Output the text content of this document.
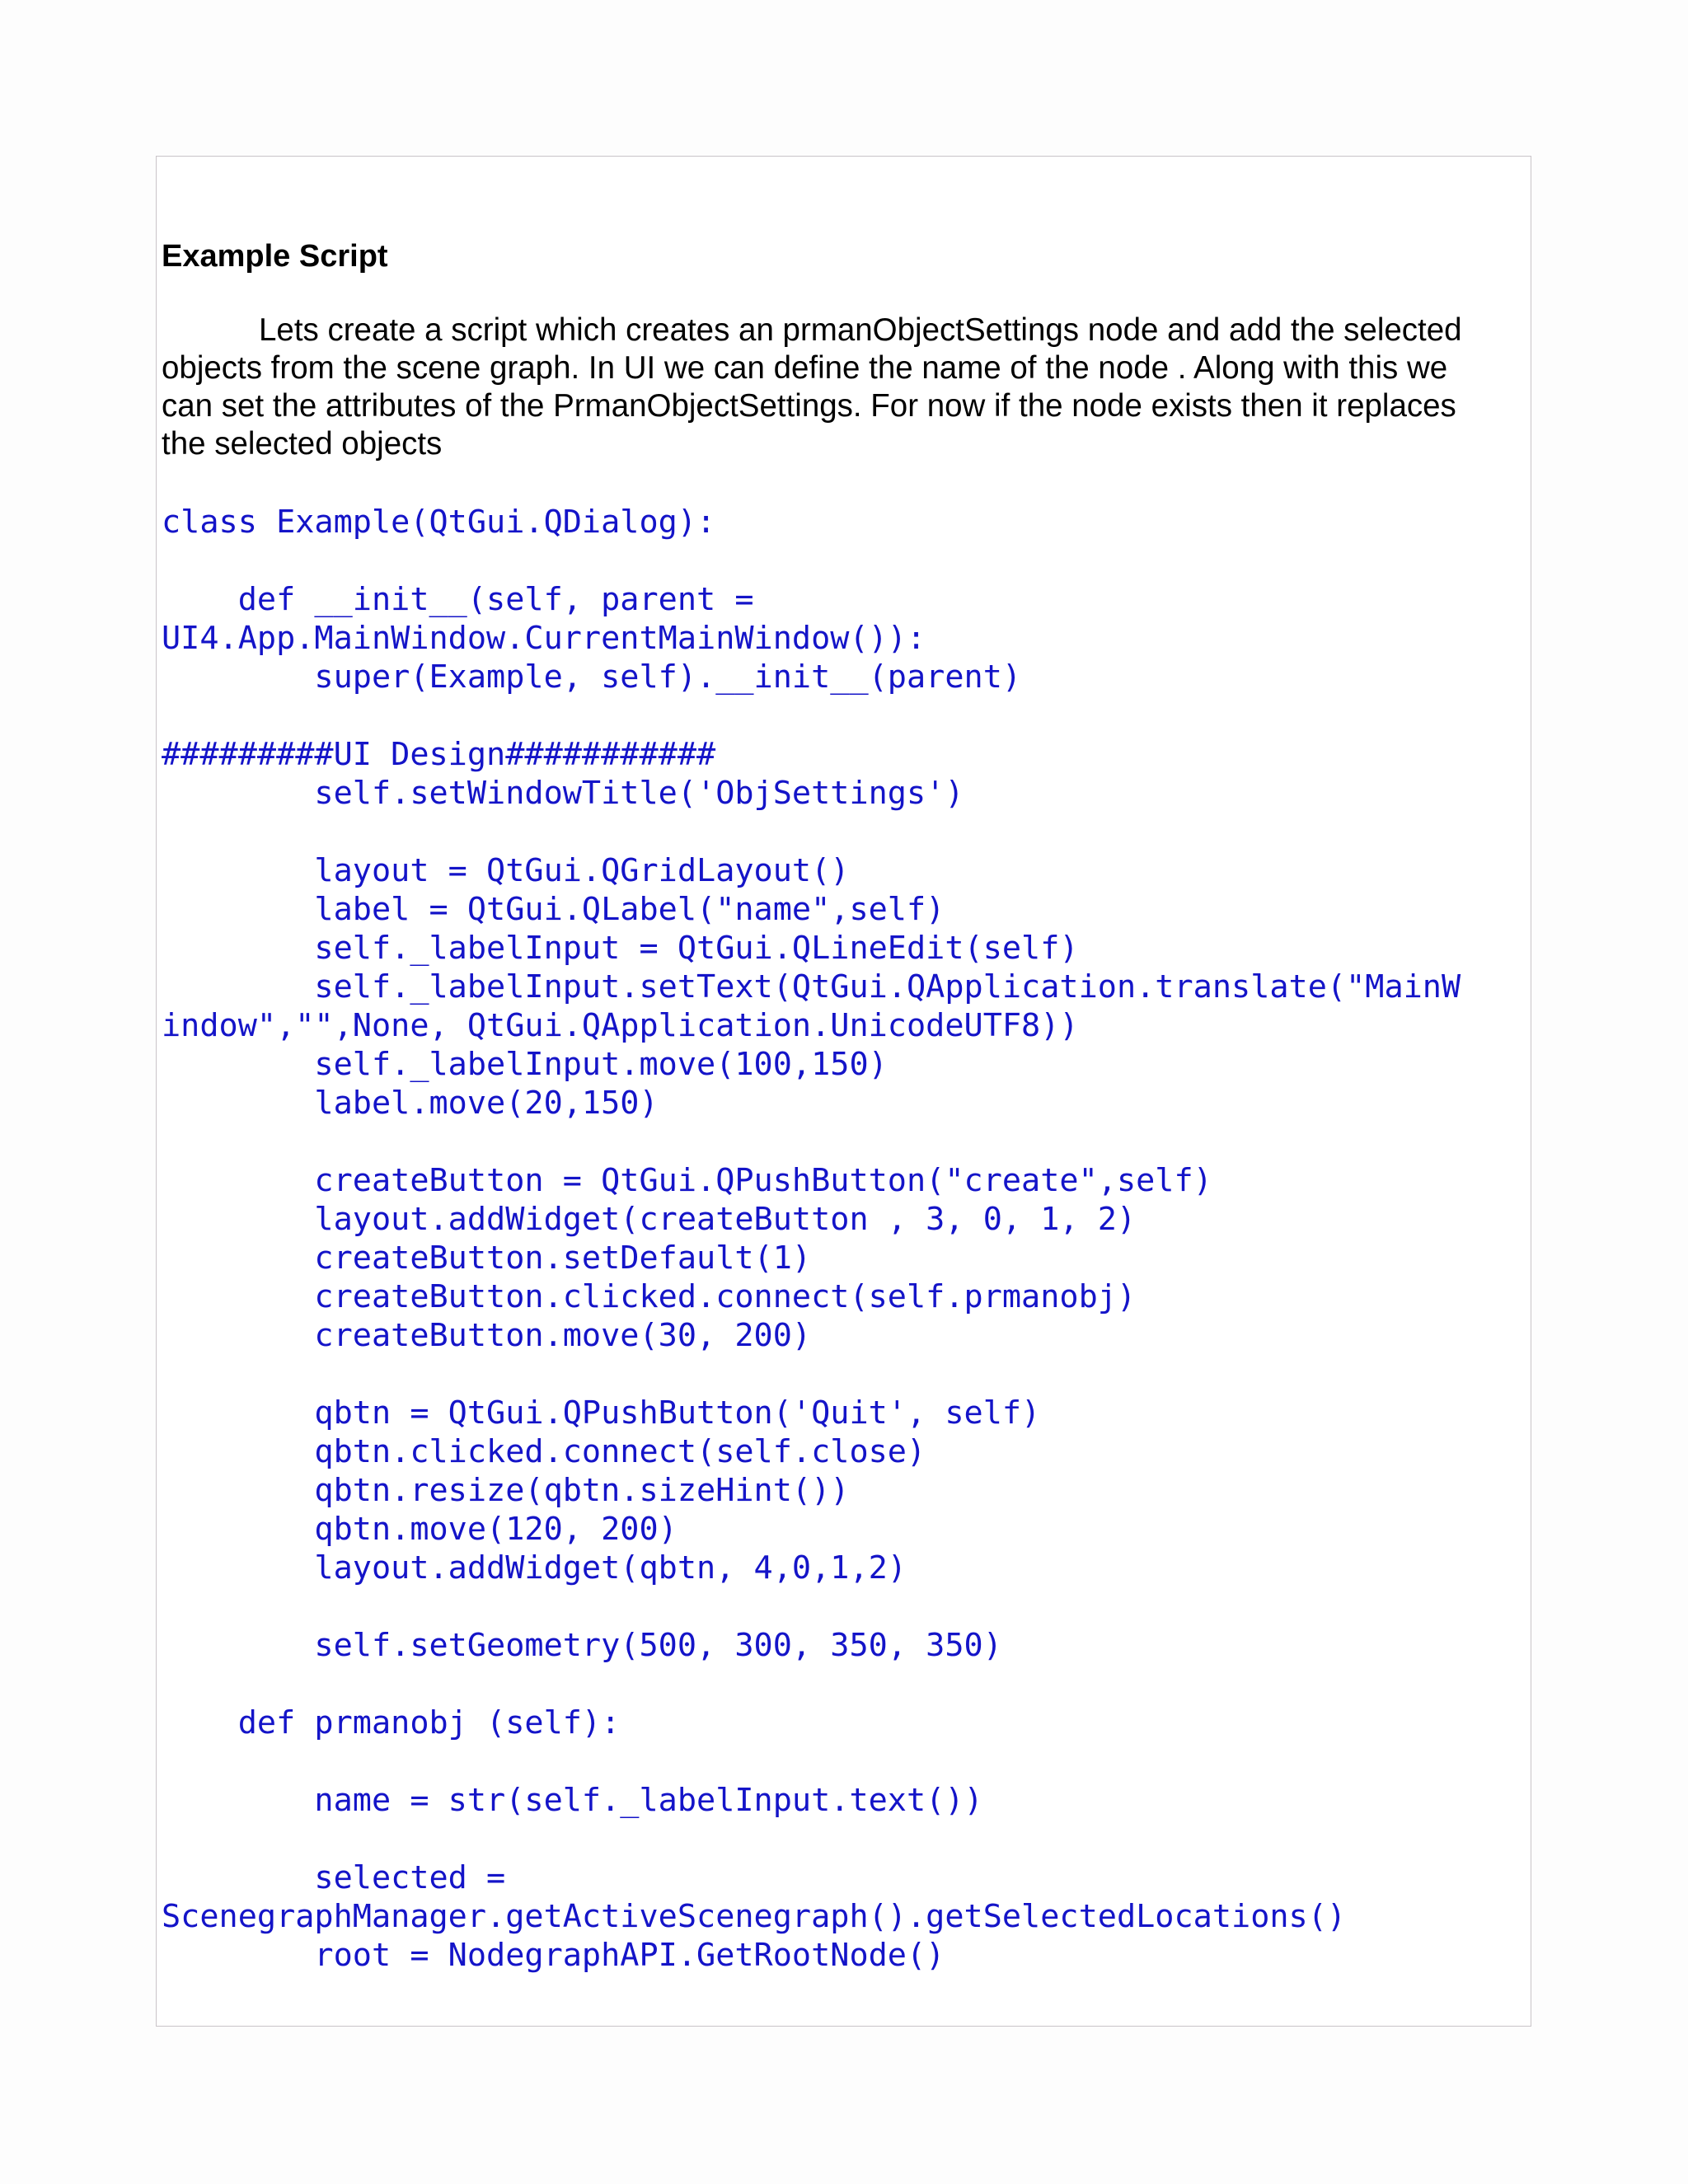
Example Script

Lets create a script which creates an prmanObjectSettings node and add the selected
objects from the scene graph. In UI we can define the name of the node . Along with this we
can set the attributes of the PrmanObjectSettings. For now if the node exists then it replaces
the selected objects

class Example(QtGui.QDialog):
def __init__(self, parent =
UI4.App.MainWindow.CurrentMainWindow()):
super(Example, self).__init__(parent)
#########UI Design###########
self.setWindowTitle('ObjSettings')
layout = QtGui.QGridLayout()
label = QtGui.QLabel("name",self)
self._labelInput = QtGui.QLineEdit(self)
self._labelInput.setText(QtGui.QApplication.translate("MainW
indow","",None, QtGui.QApplication.UnicodeUTF8))
self._labelInput.move(100,150)
label.move(20,150)
createButton = QtGui.QPushButton("create",self)
layout.addWidget(createButton , 3, 0, 1, 2)
createButton.setDefault(1)
createButton.clicked.connect(self.prmanobj)
createButton.move(30, 200)
qbtn = QtGui.QPushButton('Quit', self)
qbtn.clicked.connect(self.close)
qbtn.resize(qbtn.sizeHint())
qbtn.move(120, 200)
layout.addWidget(qbtn, 4,0,1,2)
self.setGeometry(500, 300, 350, 350)
def prmanobj (self):
name = str(self._labelInput.text())
selected =
ScenegraphManager.getActiveScenegraph().getSelectedLocations()
root = NodegraphAPI.GetRootNode()
